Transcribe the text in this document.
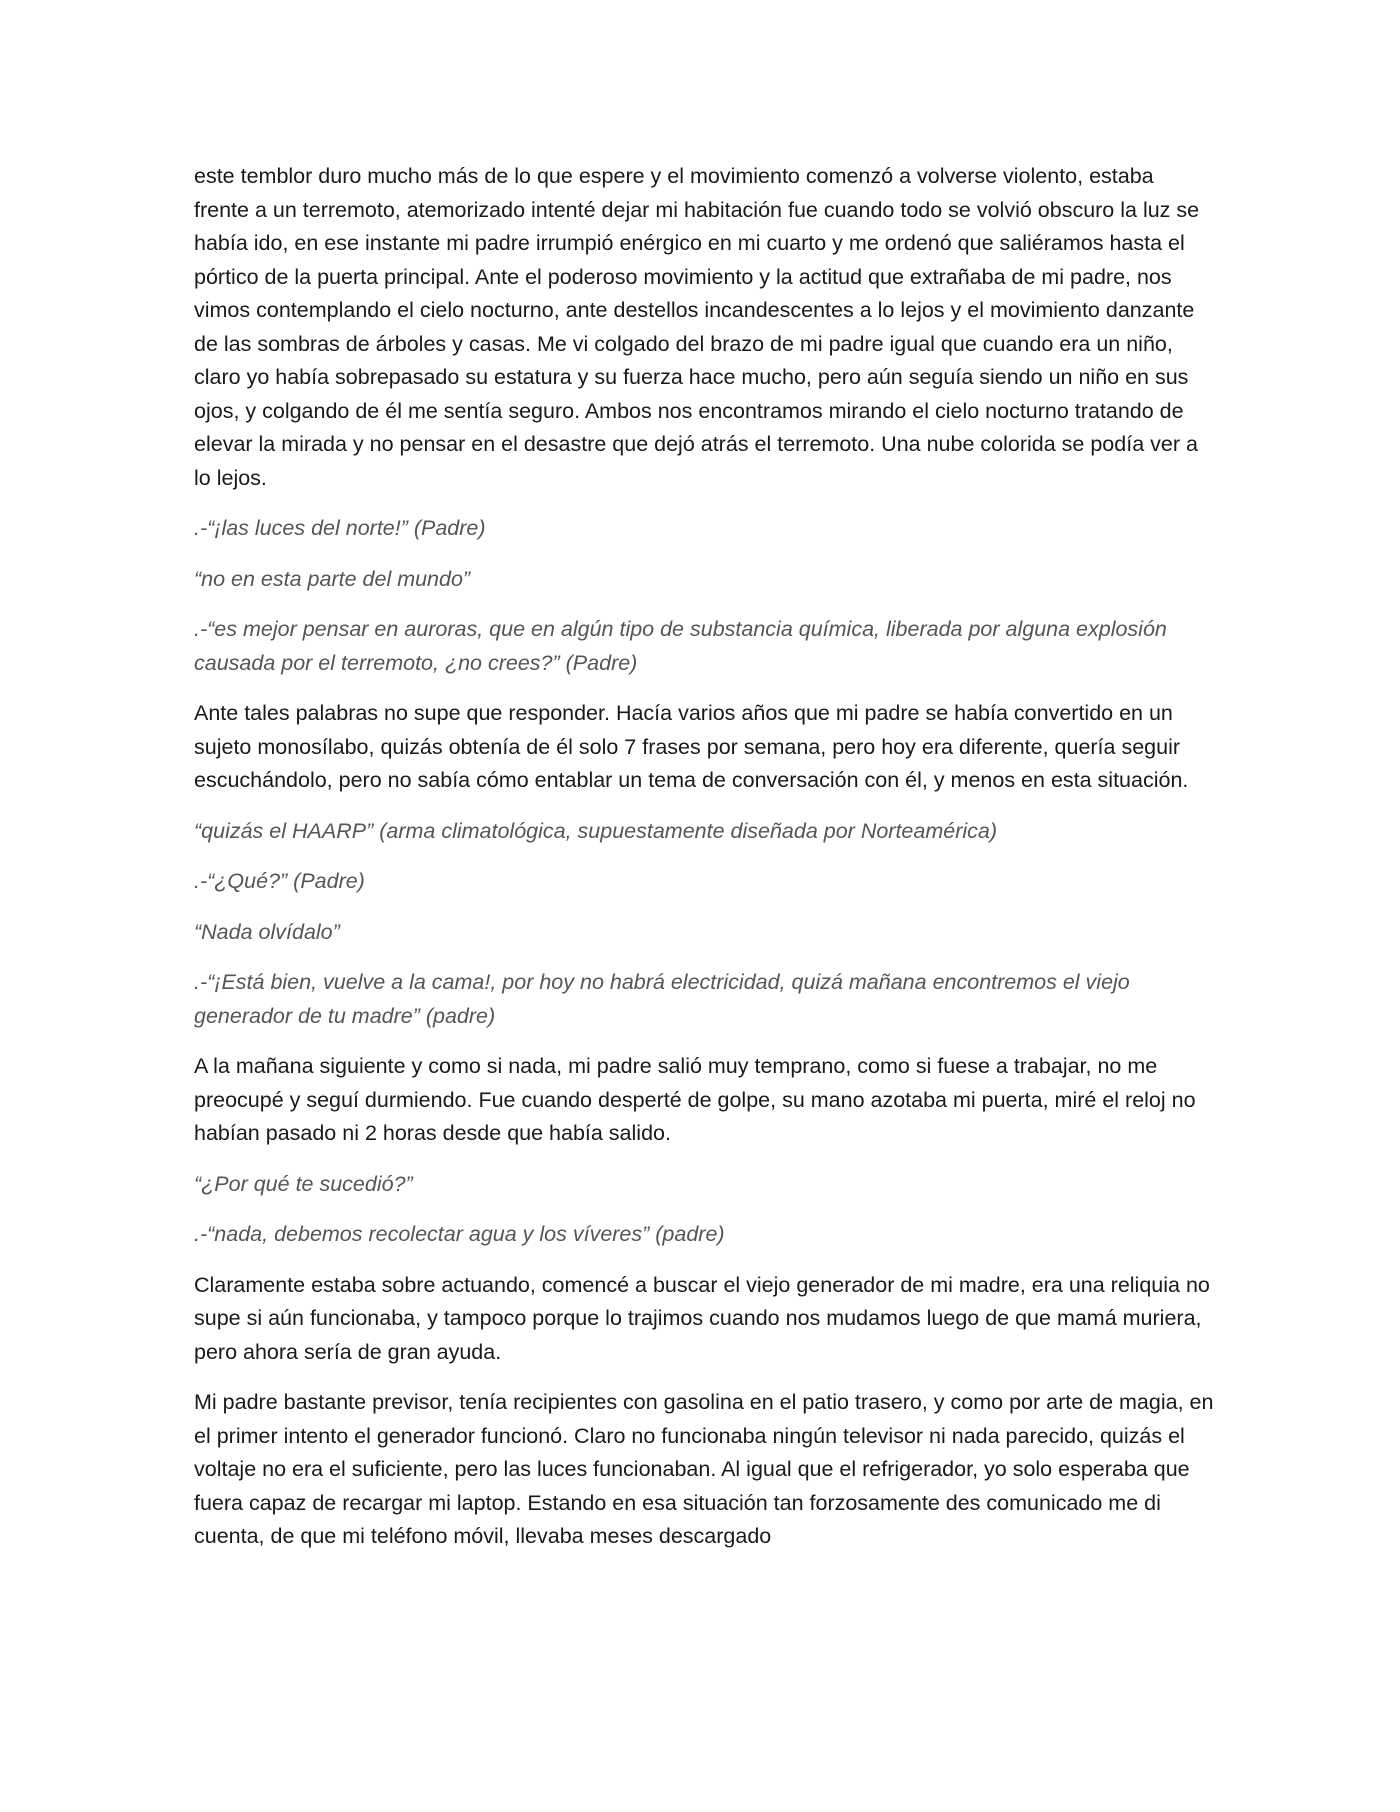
este temblor duro mucho más de lo que espere y el movimiento comenzó a volverse violento, estaba frente a un terremoto, atemorizado intenté dejar mi habitación fue cuando todo se volvió obscuro la luz se había ido, en ese instante mi padre irrumpió enérgico en mi cuarto y me ordenó que saliéramos hasta el pórtico de la puerta principal. Ante el poderoso movimiento y la actitud que extrañaba de mi padre, nos vimos contemplando el cielo nocturno, ante destellos incandescentes a lo lejos y el movimiento danzante de las sombras de árboles y casas. Me vi colgado del brazo de mi padre igual que cuando era un niño, claro yo había sobrepasado su estatura y su fuerza hace mucho, pero aún seguía siendo un niño en sus ojos, y colgando de él me sentía seguro. Ambos nos encontramos mirando el cielo nocturno tratando de elevar la mirada y no pensar en el desastre que dejó atrás el terremoto. Una nube colorida se podía ver a lo lejos.

.-“¡las luces del norte!” (Padre)

“no en esta parte del mundo”

.-“es mejor pensar en auroras, que en algún tipo de substancia química, liberada por alguna explosión causada por el terremoto, ¿no crees?” (Padre)

Ante tales palabras no supe que responder. Hacía varios años que mi padre se había convertido en un sujeto monosílabo, quizás obtenía de él solo 7 frases por semana, pero hoy era diferente, quería seguir escuchándolo, pero no sabía cómo entablar un tema de conversación con él, y menos en esta situación.

“quizás el HAARP” (arma climatológica, supuestamente diseñada por Norteamérica)

.-“¿Qué?” (Padre)

“Nada olvídalo”

.-“¡Está bien, vuelve a la cama!, por hoy no habrá electricidad, quizá mañana encontremos el viejo generador de tu madre” (padre)

A la mañana siguiente y como si nada, mi padre salió muy temprano, como si fuese a trabajar, no me preocupé y seguí durmiendo. Fue cuando desperté de golpe, su mano azotaba mi puerta, miré el reloj no habían pasado ni 2 horas desde que había salido.

“¿Por qué te sucedió?”

.-“nada, debemos recolectar agua y los víveres” (padre)

Claramente estaba sobre actuando, comencé a buscar el viejo generador de mi madre, era una reliquia no supe si aún funcionaba, y tampoco porque lo trajimos cuando nos mudamos luego de que mamá muriera, pero ahora sería de gran ayuda.

Mi padre bastante previsor, tenía recipientes con gasolina en el patio trasero, y como por arte de magia, en el primer intento el generador funcionó. Claro no funcionaba ningún televisor ni nada parecido, quizás el voltaje no era el suficiente, pero las luces funcionaban. Al igual que el refrigerador, yo solo esperaba que fuera capaz de recargar mi laptop. Estando en esa situación tan forzosamente des comunicado me di cuenta, de que mi teléfono móvil, llevaba meses descargado
